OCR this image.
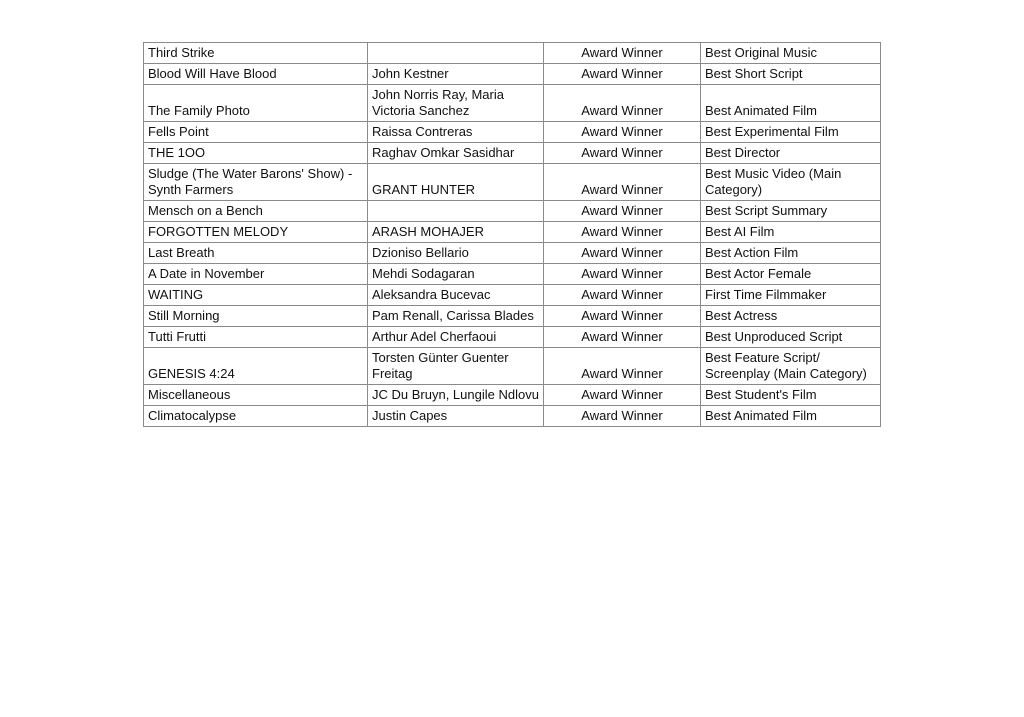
Third Strike		Award Winner	Best Original Music
Blood Will Have Blood	John Kestner	Award Winner	Best Short Script
The Family Photo	John Norris Ray, Maria Victoria Sanchez	Award Winner	Best Animated Film
Fells Point	Raissa Contreras	Award Winner	Best Experimental Film
THE 1OO	Raghav Omkar Sasidhar	Award Winner	Best Director
Sludge (The Water Barons' Show) - Synth Farmers	GRANT HUNTER	Award Winner	Best Music Video (Main Category)
Mensch on a Bench		Award Winner	Best Script Summary
FORGOTTEN MELODY	ARASH MOHAJER	Award Winner	Best AI Film
Last Breath	Dzioniso Bellario	Award Winner	Best Action Film
A Date in November	Mehdi Sodagaran	Award Winner	Best Actor Female
WAITING	Aleksandra Bucevac	Award Winner	First Time Filmmaker
Still Morning	Pam Renall, Carissa Blades	Award Winner	Best Actress
Tutti Frutti	Arthur Adel Cherfaoui	Award Winner	Best Unproduced Script
GENESIS 4:24	Torsten Günter Guenter Freitag	Award Winner	Best Feature Script/ Screenplay (Main Category)
Miscellaneous	JC Du Bruyn, Lungile Ndlovu	Award Winner	Best Student's Film
Climatocalypse	Justin Capes	Award Winner	Best Animated Film
